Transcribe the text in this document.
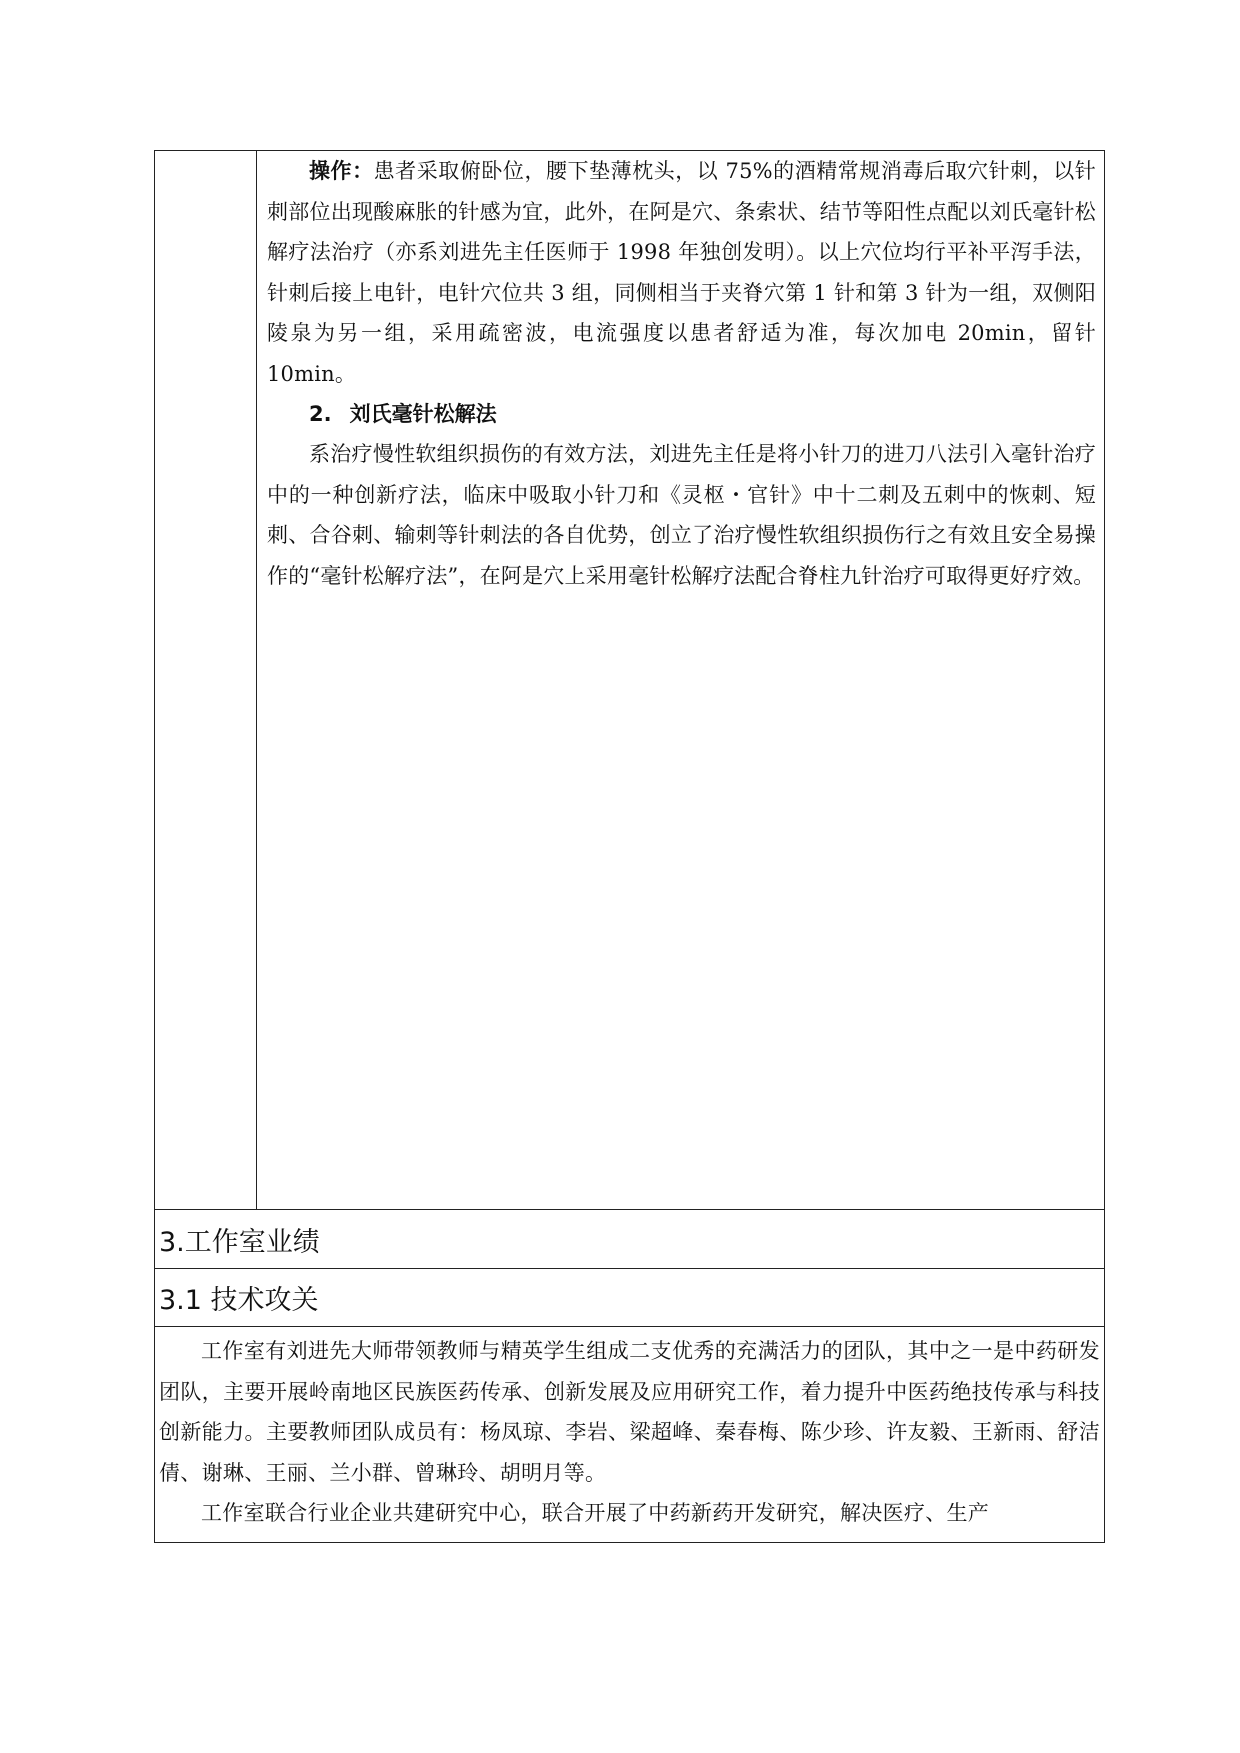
操作：患者采取俯卧位，腰下垫薄枕头，以 75%的酒精常规消毒后取穴针刺，以针刺部位出现酸麻胀的针感为宜，此外，在阿是穴、条索状、结节等阳性点配以刘氏毫针松解疗法治疗（亦系刘进先主任医师于 1998 年独创发明）。以上穴位均行平补平泻手法，针刺后接上电针，电针穴位共 3 组，同侧相当于夹脊穴第 1 针和第 3 针为一组，双侧阳陵泉为另一组，采用疏密波，电流强度以患者舒适为准，每次加电 20min，留针 10min。

2. 刘氏毫针松解法

系治疗慢性软组织损伤的有效方法，刘进先主任是将小针刀的进刀八法引入毫针治疗中的一种创新疗法，临床中吸取小针刀和《灵枢・官针》中十二刺及五刺中的恢刺、短刺、合谷刺、输刺等针刺法的各自优势，创立了治疗慢性软组织损伤行之有效且安全易操作的“毫针松解疗法”，在阿是穴上采用毫针松解疗法配合脊柱九针治疗可取得更好疗效。

3.工作室业绩
3.1 技术攻关

工作室有刘进先大师带领教师与精英学生组成二支优秀的充满活力的团队，其中之一是中药研发团队，主要开展岭南地区民族医药传承、创新发展及应用研究工作，着力提升中医药绝技传承与科技创新能力。主要教师团队成员有：杨凤琼、李岩、梁超峰、秦春梅、陈少珍、许友毅、王新雨、舒洁倩、谢琳、王丽、兰小群、曾琳玲、胡明月等。

工作室联合行业企业共建研究中心，联合开展了中药新药开发研究，解决医疗、生产
